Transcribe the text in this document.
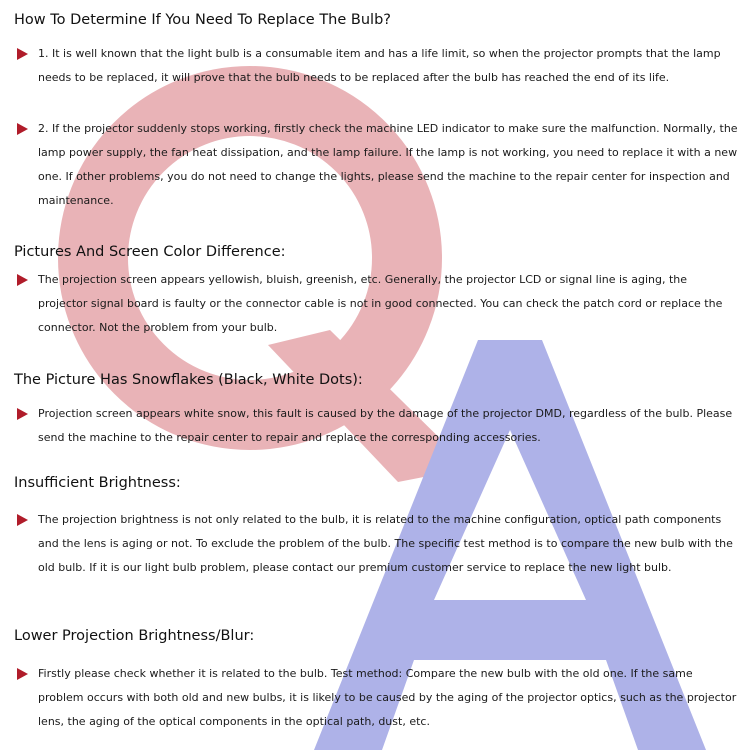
How To Determine If You Need To Replace The Bulb?

1. It is well known that the light bulb is a consumable item and has a life limit, so when the projector prompts that the lamp needs to be replaced, it will prove that the bulb needs to be replaced after the bulb has reached the end of its life.

2. If the projector suddenly stops working, firstly check the machine LED indicator to make sure the malfunction. Normally, the lamp power supply, the fan heat dissipation, and the lamp failure. If the lamp is not working, you need to replace it with a new one. If other problems, you do not need to change the lights, please send the machine to the repair center for inspection and maintenance.

Pictures And Screen Color Difference:

The projection screen appears yellowish, bluish, greenish, etc. Generally, the projector LCD or signal line is aging, the projector signal board is faulty or the connector cable is not in good connected. You can check the patch cord or replace the connector. Not the problem from your bulb.

The Picture Has Snowflakes (Black, White Dots):

Projection screen appears white snow, this fault is caused by the damage of the projector DMD, regardless of the bulb. Please send the machine to the repair center to repair and replace the corresponding accessories.

Insufficient Brightness:

The projection brightness is not only related to the bulb, it is related to the machine configuration, optical path components and the lens is aging or not. To exclude the problem of the bulb. The specific test method is to compare the new bulb with the old bulb. If it is our light bulb problem, please contact our premium customer service to replace the new light bulb.

Lower Projection Brightness/Blur:

Firstly please check whether it is related to the bulb. Test method: Compare the new bulb with the old one. If the same problem occurs with both old and new bulbs, it is likely to be caused by the aging of the projector optics, such as the projector lens, the aging of the optical components in the optical path, dust, etc.
